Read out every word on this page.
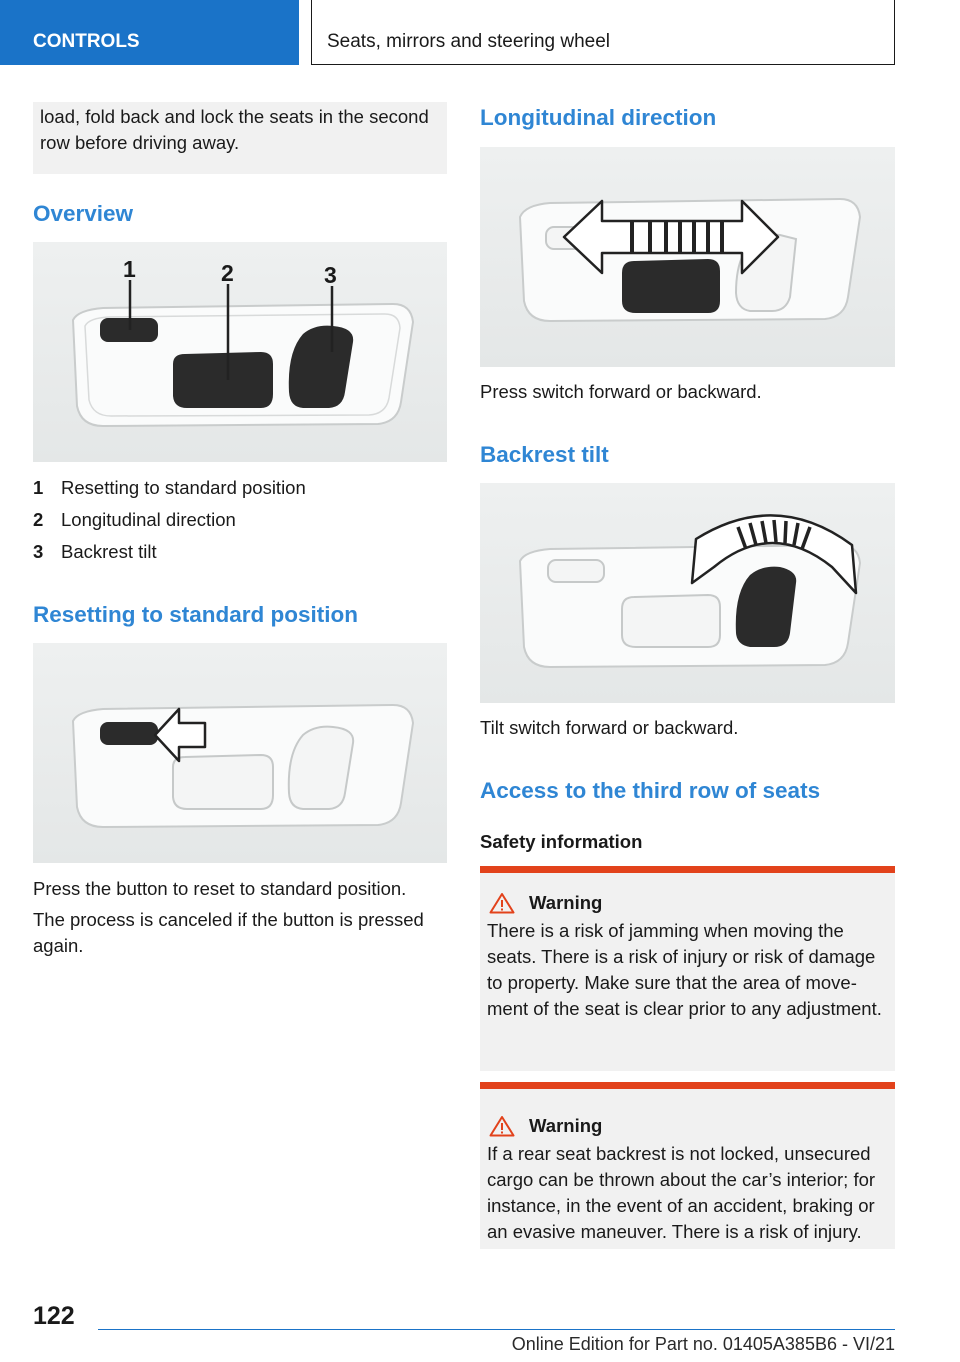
CONTROLS	Seats, mirrors and steering wheel
load, fold back and lock the seats in the second row before driving away.
Overview
1	2	3
1 Resetting to standard position
2 Longitudinal direction
3 Backrest tilt
Resetting to standard position
Press the button to reset to standard position.
The process is canceled if the button is pressed again.
Longitudinal direction
Press switch forward or backward.
Backrest tilt
Tilt switch forward or backward.
Access to the third row of seats
Safety information
Warning
There is a risk of jamming when moving the seats. There is a risk of injury or risk of damage to property. Make sure that the area of movement of the seat is clear prior to any adjustment.
Warning
If a rear seat backrest is not locked, unsecured cargo can be thrown about the car’s interior; for instance, in the event of an accident, braking or an evasive maneuver. There is a risk of injury.
122
Online Edition for Part no. 01405A385B6 - VI/21
